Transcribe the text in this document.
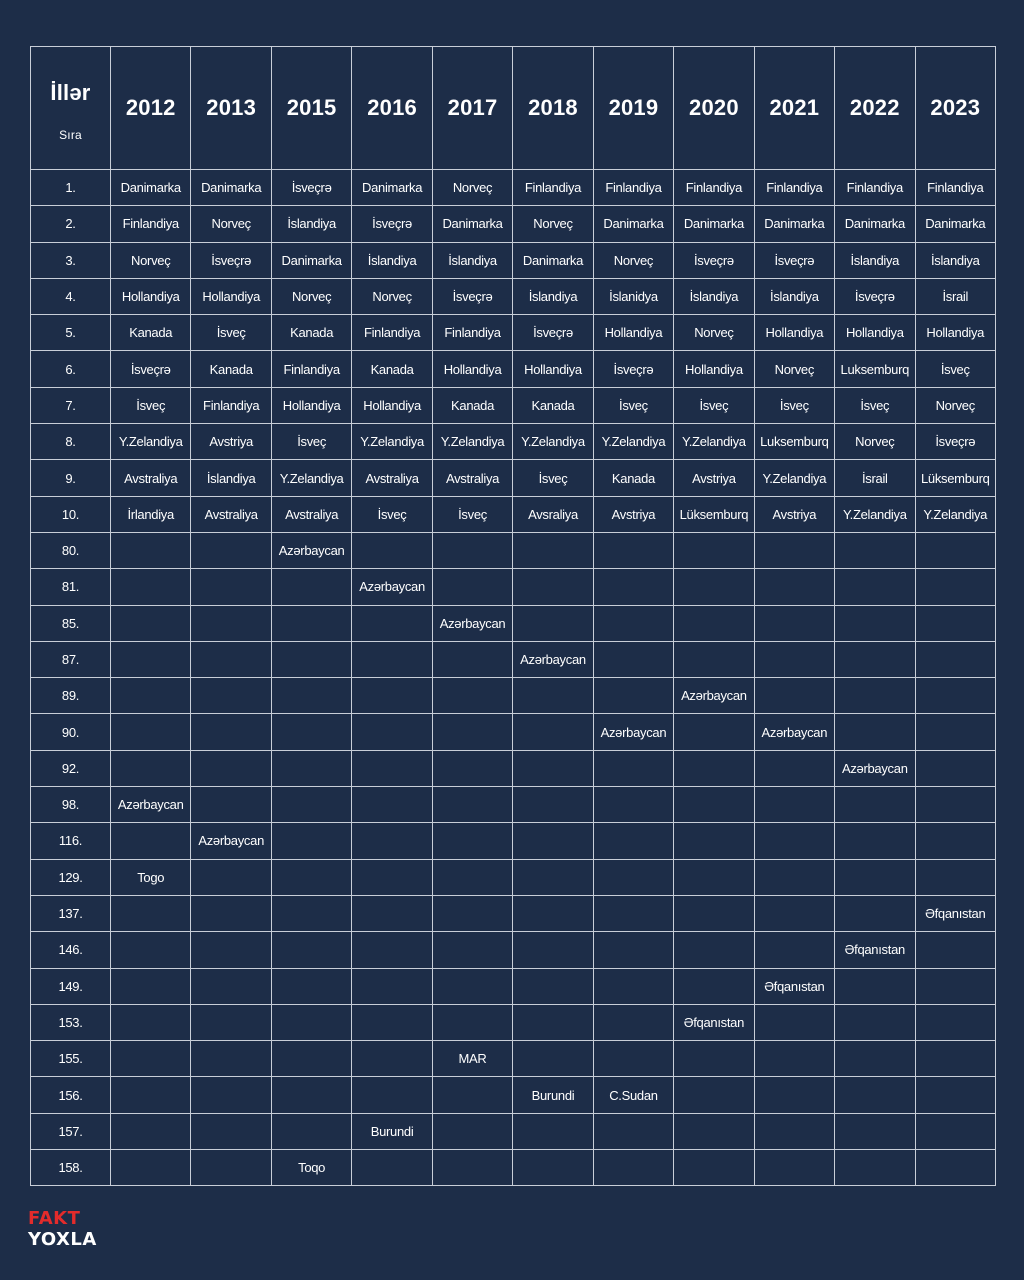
İllər
Sıra	2012	2013	2015	2016	2017	2018	2019	2020	2021	2022	2023
1.	Danimarka	Danimarka	İsveçrə	Danimarka	Norveç	Finlandiya	Finlandiya	Finlandiya	Finlandiya	Finlandiya	Finlandiya
2.	Finlandiya	Norveç	İslandiya	İsveçrə	Danimarka	Norveç	Danimarka	Danimarka	Danimarka	Danimarka	Danimarka
3.	Norveç	İsveçrə	Danimarka	İslandiya	İslandiya	Danimarka	Norveç	İsveçrə	İsveçrə	İslandiya	İslandiya
4.	Hollandiya	Hollandiya	Norveç	Norveç	İsveçrə	İslandiya	İslanidya	İslandiya	İslandiya	İsveçrə	İsrail
5.	Kanada	İsveç	Kanada	Finlandiya	Finlandiya	İsveçrə	Hollandiya	Norveç	Hollandiya	Hollandiya	Hollandiya
6.	İsveçrə	Kanada	Finlandiya	Kanada	Hollandiya	Hollandiya	İsveçrə	Hollandiya	Norveç	Luksemburq	İsveç
7.	İsveç	Finlandiya	Hollandiya	Hollandiya	Kanada	Kanada	İsveç	İsveç	İsveç	İsveç	Norveç
8.	Y.Zelandiya	Avstriya	İsveç	Y.Zelandiya	Y.Zelandiya	Y.Zelandiya	Y.Zelandiya	Y.Zelandiya	Luksemburq	Norveç	İsveçrə
9.	Avstraliya	İslandiya	Y.Zelandiya	Avstraliya	Avstraliya	İsveç	Kanada	Avstriya	Y.Zelandiya	İsrail	Lüksemburq
10.	İrlandiya	Avstraliya	Avstraliya	İsveç	İsveç	Avsraliya	Avstriya	Lüksemburq	Avstriya	Y.Zelandiya	Y.Zelandiya
80.			Azərbaycan								
81.				Azərbaycan							
85.					Azərbaycan						
87.						Azərbaycan					
89.								Azərbaycan			
90.							Azərbaycan		Azərbaycan		
92.										Azərbaycan	
98.	Azərbaycan										
116.		Azərbaycan									
129.	Togo										
137.											Əfqanıstan
146.										Əfqanıstan	
149.									Əfqanıstan		
153.								Əfqanıstan			
155.					MAR						
156.						Burundi	C.Sudan				
157.				Burundi							
158.			Toqo								
FAKT
YOXLA
